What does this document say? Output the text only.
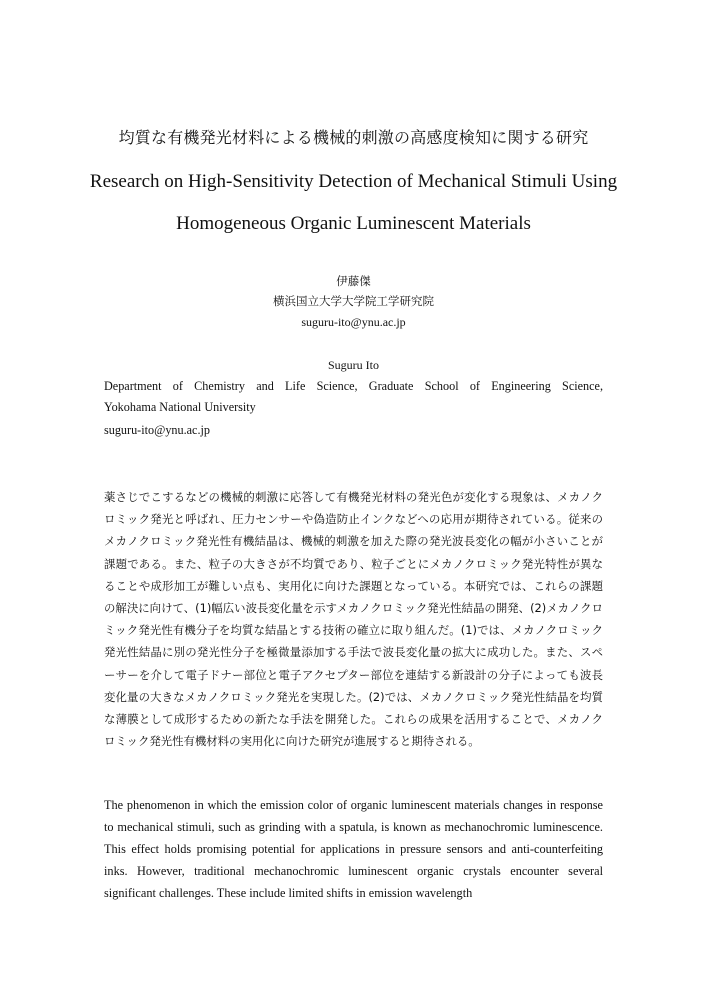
均質な有機発光材料による機械的刺激の高感度検知に関する研究
Research on High-Sensitivity Detection of Mechanical Stimuli Using
Homogeneous Organic Luminescent Materials
伊藤傑
横浜国立大学大学院工学研究院
suguru-ito@ynu.ac.jp
Suguru Ito
Department of Chemistry and Life Science, Graduate School of Engineering Science,
Yokohama National University
suguru-ito@ynu.ac.jp

薬さじでこするなどの機械的刺激に応答して有機発光材料の発光色が変化する現象は、メカノクロミック発光と呼ばれ、圧力センサーや偽造防止インクなどへの応用が期待されている。従来のメカノクロミック発光性有機結晶は、機械的刺激を加えた際の発光波長変化の幅が小さいことが課題である。また、粒子の大きさが不均質であり、粒子ごとにメカノクロミック発光特性が異なることや成形加工が難しい点も、実用化に向けた課題となっている。本研究では、これらの課題の解決に向けて、(1)幅広い波長変化量を示すメカノクロミック発光性結晶の開発、(2)メカノクロミック発光性有機分子を均質な結晶とする技術の確立に取り組んだ。(1)では、メカノクロミック発光性結晶に別の発光性分子を極微量添加する手法で波長変化量の拡大に成功した。また、スペーサーを介して電子ドナー部位と電子アクセプター部位を連結する新設計の分子によっても波長変化量の大きなメカノクロミック発光を実現した。(2)では、メカノクロミック発光性結晶を均質な薄膜として成形するための新たな手法を開発した。これらの成果を活用することで、メカノクロミック発光性有機材料の実用化に向けた研究が進展すると期待される。

The phenomenon in which the emission color of organic luminescent materials changes in response to mechanical stimuli, such as grinding with a spatula, is known as mechanochromic luminescence. This effect holds promising potential for applications in pressure sensors and anti-counterfeiting inks. However, traditional mechanochromic luminescent organic crystals encounter several significant challenges. These include limited shifts in emission wavelength
